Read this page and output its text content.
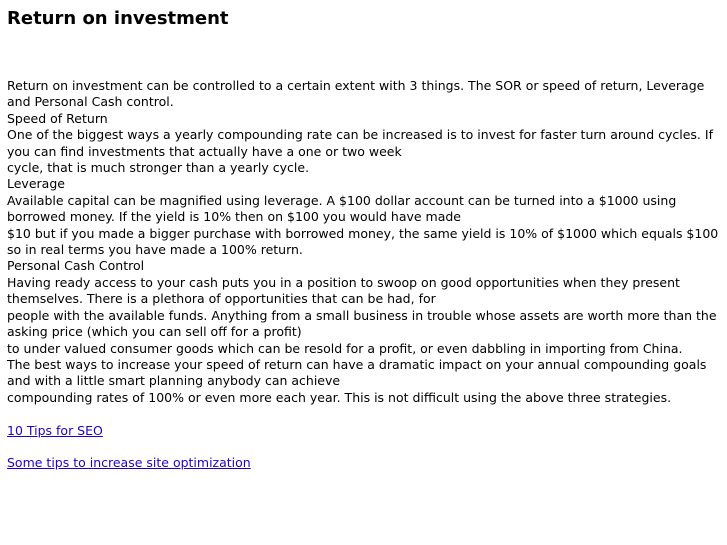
Return on investment
Return on investment can be controlled to a certain extent with 3 things. The SOR or speed of return, Leverage
and Personal Cash control.
Speed of Return
One of the biggest ways a yearly compounding rate can be increased is to invest for faster turn around cycles. If
you can find investments that actually have a one or two week
cycle, that is much stronger than a yearly cycle.
Leverage
Available capital can be magnified using leverage. A $100 dollar account can be turned into a $1000 using
borrowed money. If the yield is 10% then on $100 you would have made
$10 but if you made a bigger purchase with borrowed money, the same yield is 10% of $1000 which equals $100
so in real terms you have made a 100% return.
Personal Cash Control
Having ready access to your cash puts you in a position to swoop on good opportunities when they present
themselves. There is a plethora of opportunities that can be had, for
people with the available funds. Anything from a small business in trouble whose assets are worth more than the
asking price (which you can sell off for a profit)
to under valued consumer goods which can be resold for a profit, or even dabbling in importing from China.
The best ways to increase your speed of return can have a dramatic impact on your annual compounding goals
and with a little smart planning anybody can achieve
compounding rates of 100% or even more each year. This is not difficult using the above three strategies.
10 Tips for SEO
Some tips to increase site optimization
